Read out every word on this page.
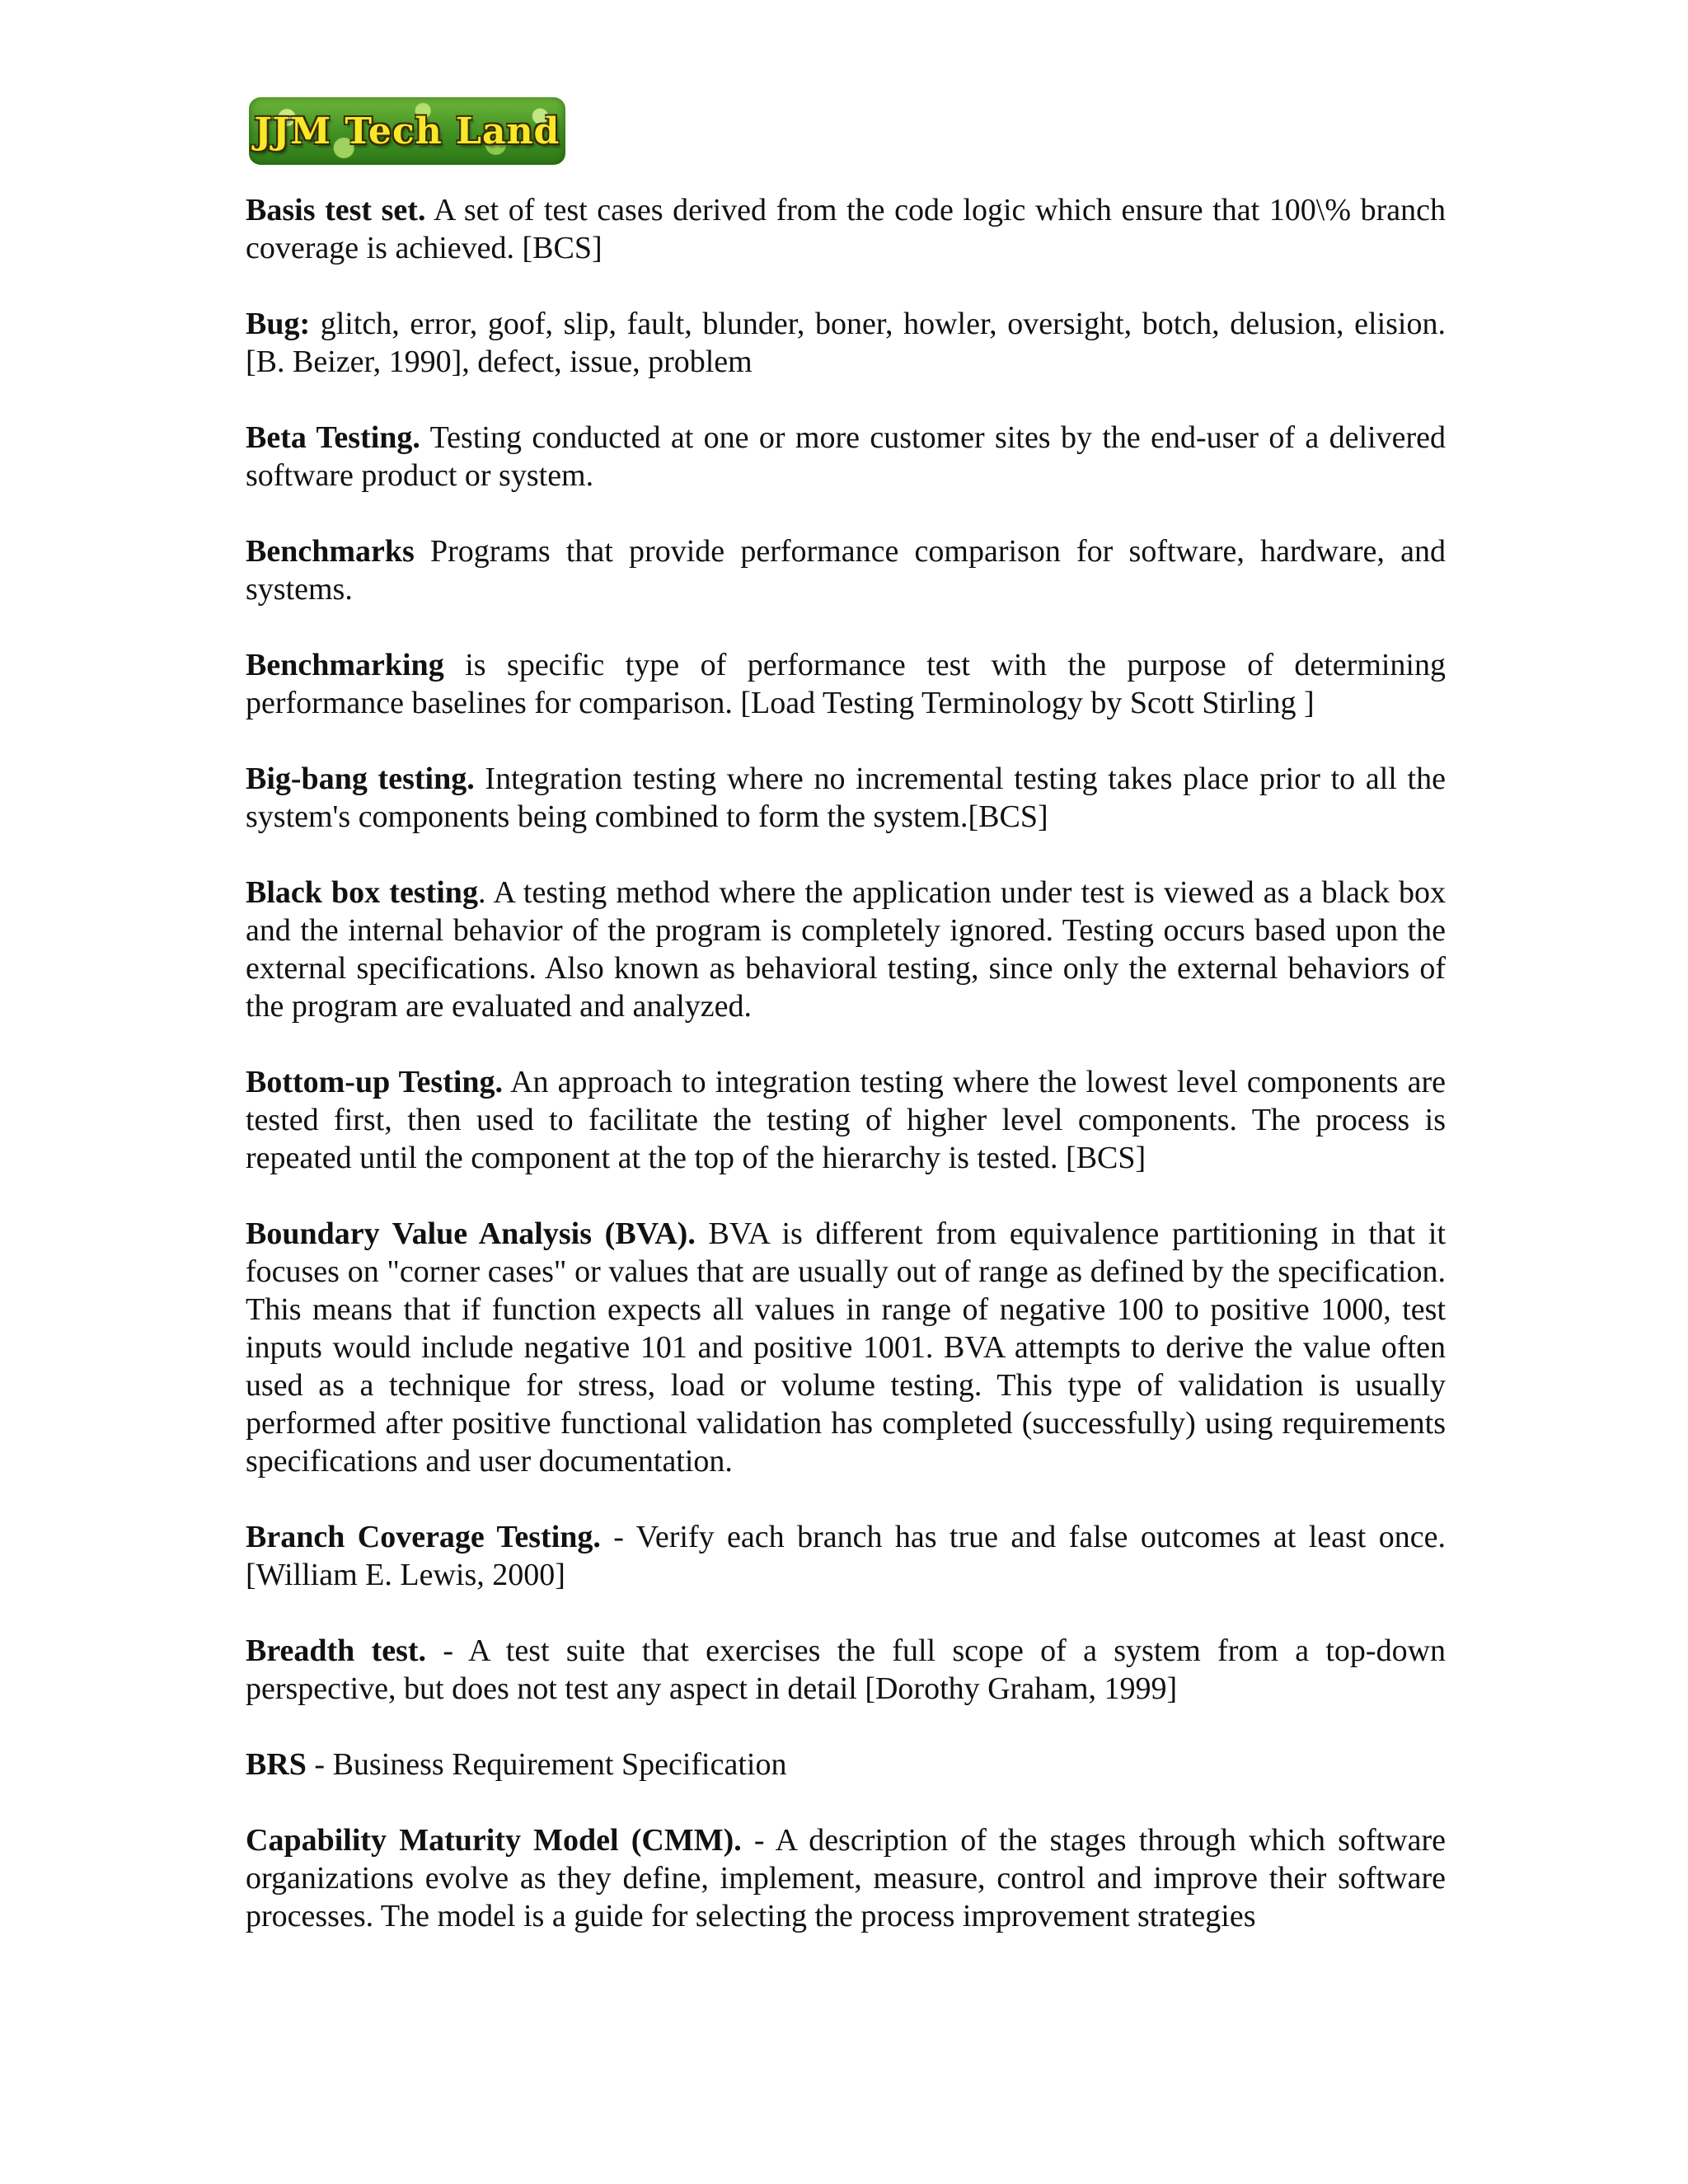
JJM Tech Land

Basis test set. A set of test cases derived from the code logic which ensure that 100\% branch coverage is achieved. [BCS]

Bug: glitch, error, goof, slip, fault, blunder, boner, howler, oversight, botch, delusion, elision. [B. Beizer, 1990], defect, issue, problem

Beta Testing. Testing conducted at one or more customer sites by the end-user of a delivered software product or system.

Benchmarks Programs that provide performance comparison for software, hardware, and systems.

Benchmarking is specific type of performance test with the purpose of determining performance baselines for comparison. [Load Testing Terminology by Scott Stirling ]

Big-bang testing. Integration testing where no incremental testing takes place prior to all the system's components being combined to form the system.[BCS]

Black box testing. A testing method where the application under test is viewed as a black box and the internal behavior of the program is completely ignored. Testing occurs based upon the external specifications. Also known as behavioral testing, since only the external behaviors of the program are evaluated and analyzed.

Bottom-up Testing. An approach to integration testing where the lowest level components are tested first, then used to facilitate the testing of higher level components. The process is repeated until the component at the top of the hierarchy is tested. [BCS]

Boundary Value Analysis (BVA). BVA is different from equivalence partitioning in that it focuses on "corner cases" or values that are usually out of range as defined by the specification. This means that if function expects all values in range of negative 100 to positive 1000, test inputs would include negative 101 and positive 1001. BVA attempts to derive the value often used as a technique for stress, load or volume testing. This type of validation is usually performed after positive functional validation has completed (successfully) using requirements specifications and user documentation.

Branch Coverage Testing. - Verify each branch has true and false outcomes at least once. [William E. Lewis, 2000]

Breadth test. - A test suite that exercises the full scope of a system from a top-down perspective, but does not test any aspect in detail [Dorothy Graham, 1999]

BRS - Business Requirement Specification

Capability Maturity Model (CMM). - A description of the stages through which software organizations evolve as they define, implement, measure, control and improve their software processes. The model is a guide for selecting the process improvement strategies
